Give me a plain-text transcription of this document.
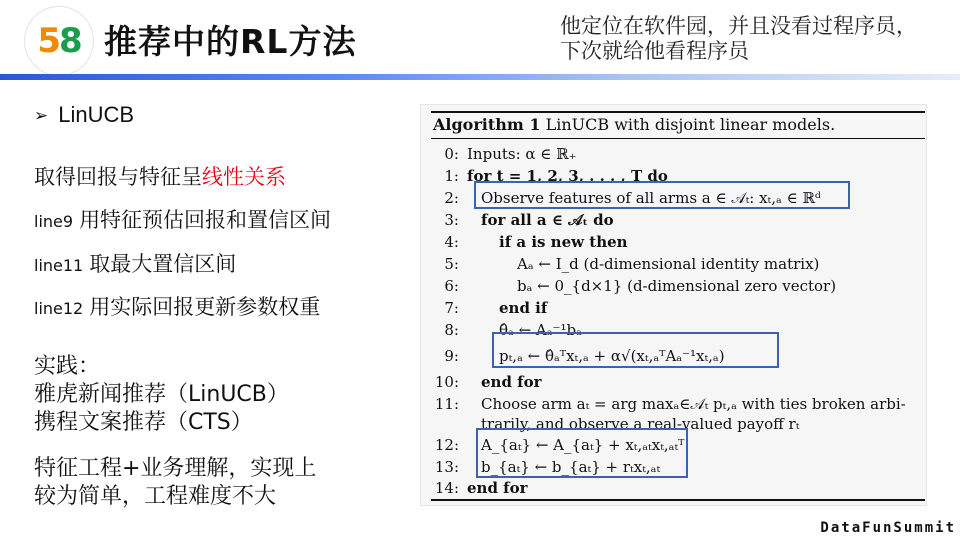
5 8 推荐中的RL方法	他定位在软件园，并且没看过程序员，
下次就给他看程序员
➢ LinUCB
取得回报与特征呈线性关系
line9 用特征预估回报和置信区间
line11 取最大置信区间
line12 用实际回报更新参数权重
实践：
雅虎新闻推荐（LinUCB）
携程文案推荐（CTS）
特征工程+业务理解，实现上
较为简单，工程难度不大
Algorithm 1 LinUCB with disjoint linear models.
0: Inputs: α ∈ ℝ₊
1: for t = 1, 2, 3, . . . , T do
2: Observe features of all arms a ∈ 𝒜ₜ: xₜ,ₐ ∈ ℝᵈ
3: for all a ∈ 𝒜ₜ do
4:	if a is new then
5:	Aₐ ← I_d (d-dimensional identity matrix)
6:	bₐ ← 0_{d×1} (d-dimensional zero vector)
7:	end if
8:	θ̂ₐ ← Aₐ⁻¹bₐ
9:	pₜ,ₐ ← θ̂ₐᵀxₜ,ₐ + α√(xₜ,ₐᵀAₐ⁻¹xₜ,ₐ)
10: end for
11: Choose arm aₜ = arg maxₐ∈𝒜ₜ pₜ,ₐ with ties broken arbi-
trarily, and observe a real-valued payoff rₜ
12: A_{aₜ} ← A_{aₜ} + xₜ,ₐₜxₜ,ₐₜᵀ
13: b_{aₜ} ← b_{aₜ} + rₜxₜ,ₐₜ
14: end for
DataFunSummit
